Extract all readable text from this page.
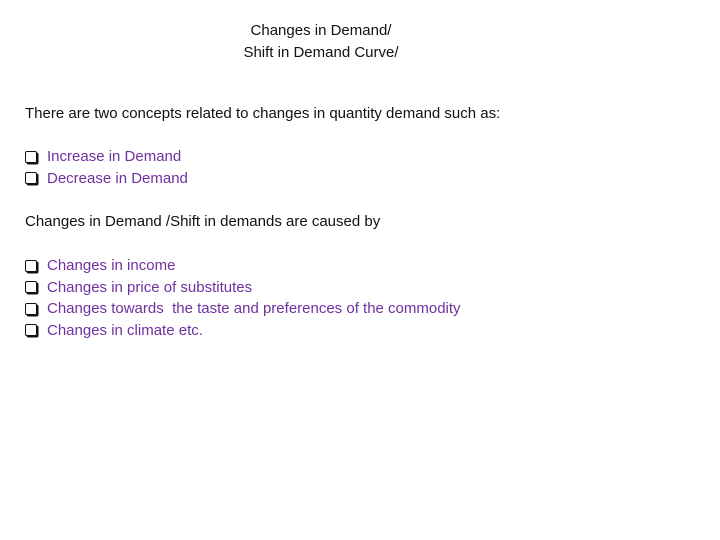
Changes in Demand/
Shift in Demand Curve/
There are two concepts related to changes in quantity demand such as:
Increase in Demand
Decrease in Demand
Changes in Demand /Shift in demands are caused by
Changes in income
Changes in price of substitutes
Changes towards  the taste and preferences of the commodity
Changes in climate etc.
